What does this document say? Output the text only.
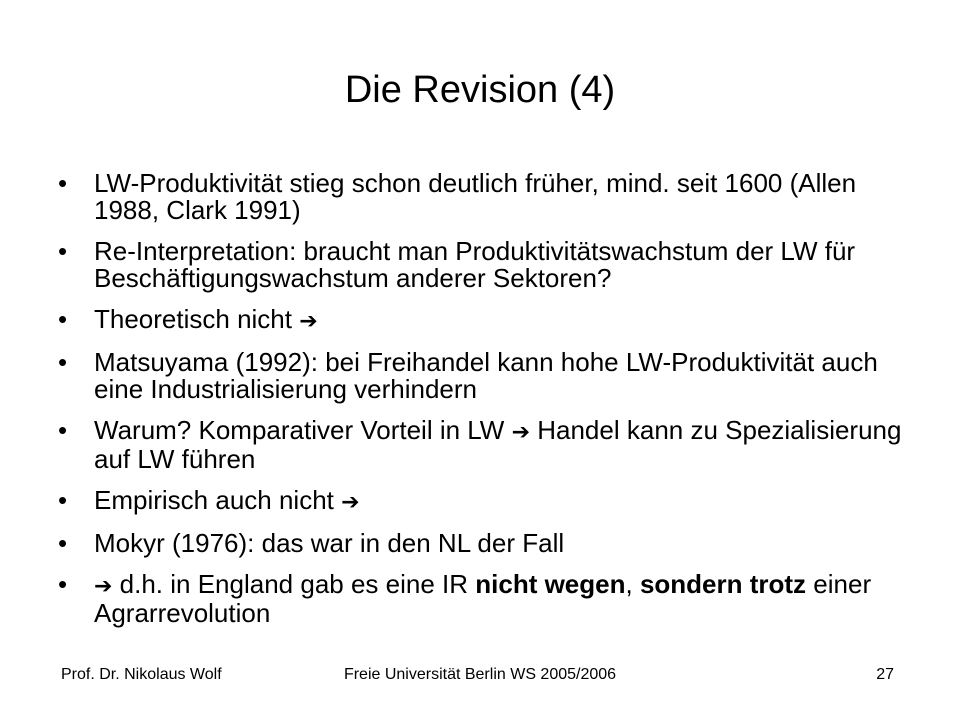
Die Revision (4)
• LW-Produktivität stieg schon deutlich früher, mind. seit 1600 (Allen 1988, Clark 1991)
• Re-Interpretation: braucht man Produktivitätswachstum der LW für Beschäftigungswachstum anderer Sektoren?
• Theoretisch nicht ➔
• Matsuyama (1992): bei Freihandel kann hohe LW-Produktivität auch eine Industrialisierung verhindern
• Warum? Komparativer Vorteil in LW ➔ Handel kann zu Spezialisierung auf LW führen
• Empirisch auch nicht ➔
• Mokyr (1976): das war in den NL der Fall
• ➔ d.h. in England gab es eine IR nicht wegen, sondern trotz einer Agrarrevolution
Prof. Dr. Nikolaus Wolf	Freie Universität Berlin WS 2005/2006	27
